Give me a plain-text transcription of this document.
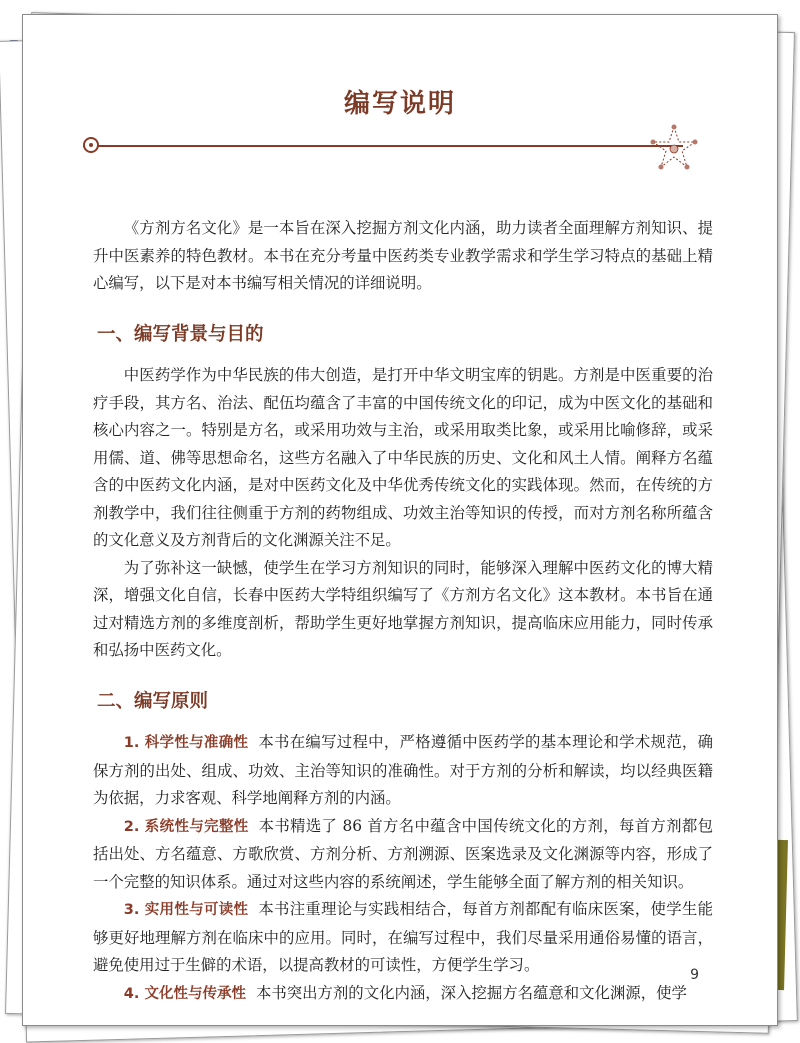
编写说明

《方剂方名文化》是一本旨在深入挖掘方剂文化内涵，助力读者全面理解方剂知识、提升中医素养的特色教材。本书在充分考量中医药类专业教学需求和学生学习特点的基础上精心编写，以下是对本书编写相关情况的详细说明。

一、编写背景与目的

中医药学作为中华民族的伟大创造，是打开中华文明宝库的钥匙。方剂是中医重要的治疗手段，其方名、治法、配伍均蕴含了丰富的中国传统文化的印记，成为中医文化的基础和核心内容之一。特别是方名，或采用功效与主治，或采用取类比象，或采用比喻修辞，或采用儒、道、佛等思想命名，这些方名融入了中华民族的历史、文化和风土人情。阐释方名蕴含的中医药文化内涵，是对中医药文化及中华优秀传统文化的实践体现。然而，在传统的方剂教学中，我们往往侧重于方剂的药物组成、功效主治等知识的传授，而对方剂名称所蕴含的文化意义及方剂背后的文化渊源关注不足。

为了弥补这一缺憾，使学生在学习方剂知识的同时，能够深入理解中医药文化的博大精深，增强文化自信，长春中医药大学特组织编写了《方剂方名文化》这本教材。本书旨在通过对精选方剂的多维度剖析，帮助学生更好地掌握方剂知识，提高临床应用能力，同时传承和弘扬中医药文化。

二、编写原则

1. 科学性与准确性 本书在编写过程中，严格遵循中医药学的基本理论和学术规范，确保方剂的出处、组成、功效、主治等知识的准确性。对于方剂的分析和解读，均以经典医籍为依据，力求客观、科学地阐释方剂的内涵。

2. 系统性与完整性 本书精选了 86 首方名中蕴含中国传统文化的方剂，每首方剂都包括出处、方名蕴意、方歌欣赏、方剂分析、方剂溯源、医案选录及文化渊源等内容，形成了一个完整的知识体系。通过对这些内容的系统阐述，学生能够全面了解方剂的相关知识。

3. 实用性与可读性 本书注重理论与实践相结合，每首方剂都配有临床医案，使学生能够更好地理解方剂在临床中的应用。同时，在编写过程中，我们尽量采用通俗易懂的语言，避免使用过于生僻的术语，以提高教材的可读性，方便学生学习。

4. 文化性与传承性 本书突出方剂的文化内涵，深入挖掘方名蕴意和文化渊源，使学

9
